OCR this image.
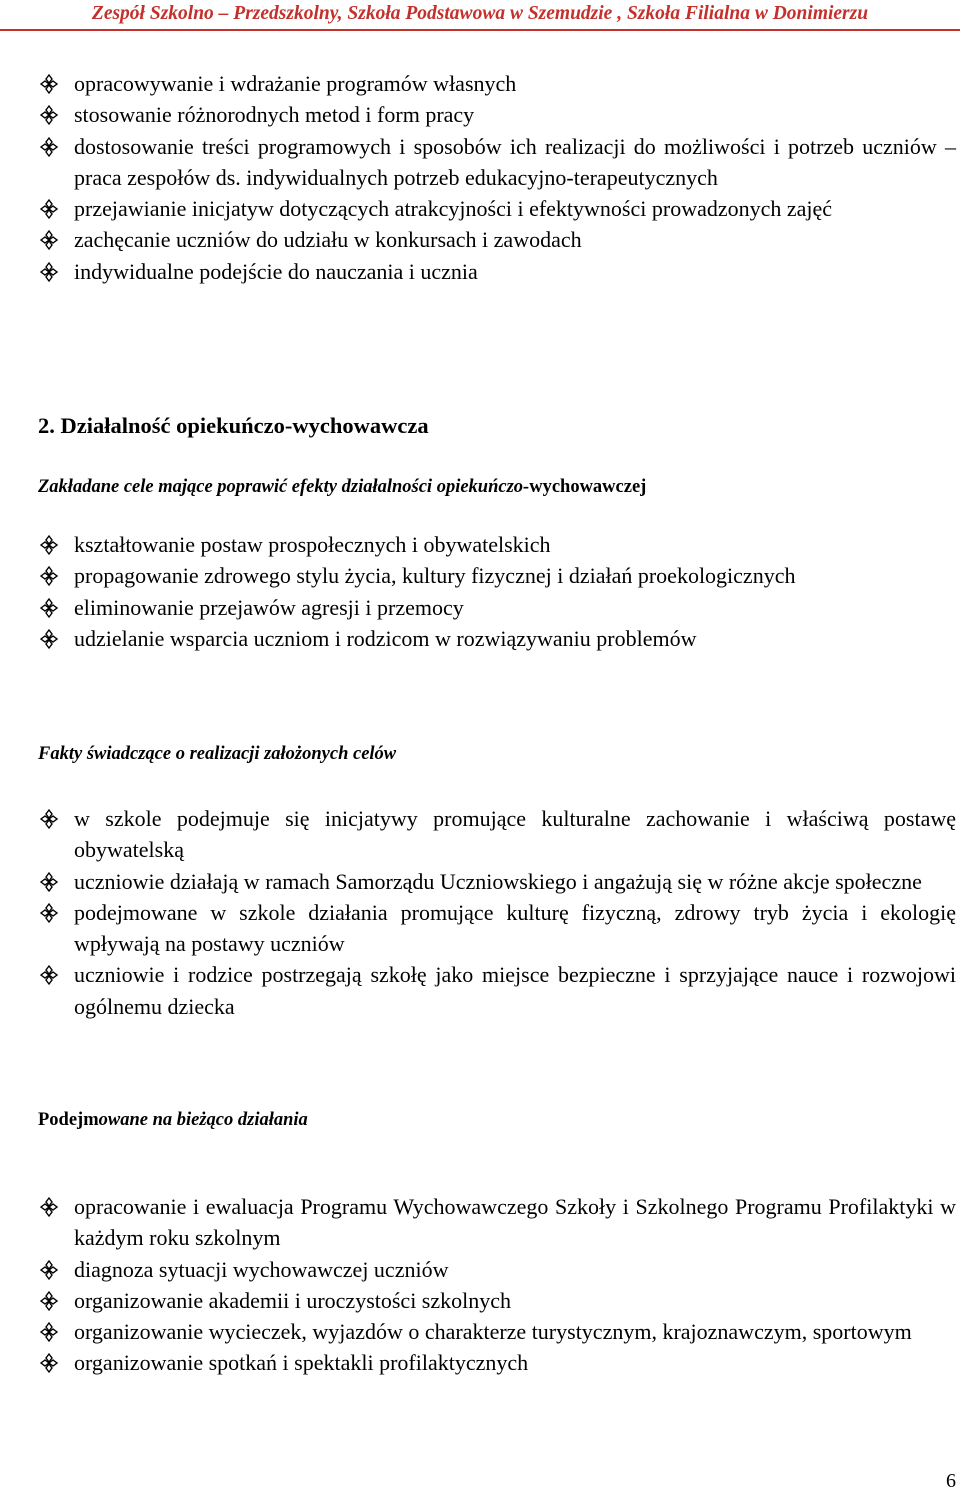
Zespół Szkolno – Przedszkolny, Szkoła Podstawowa w Szemudzie , Szkoła Filialna w Donimierzu
opracowywanie i wdrażanie programów własnych
stosowanie różnorodnych metod i form pracy
dostosowanie treści programowych i sposobów ich realizacji do możliwości i potrzeb uczniów – praca zespołów ds. indywidualnych potrzeb edukacyjno-terapeutycznych
przejawianie inicjatyw dotyczących atrakcyjności i efektywności prowadzonych zajęć
zachęcanie uczniów do udziału w konkursach i zawodach
indywidualne podejście do nauczania i ucznia
2. Działalność opiekuńczo-wychowawcza
Zakładane cele mające poprawić efekty działalności opiekuńczo-wychowawczej
kształtowanie postaw prospołecznych i obywatelskich
propagowanie zdrowego stylu życia, kultury fizycznej i działań proekologicznych
eliminowanie przejawów agresji i przemocy
udzielanie wsparcia uczniom i rodzicom w rozwiązywaniu problemów
Fakty świadczące o realizacji założonych celów
w szkole podejmuje się inicjatywy promujące kulturalne zachowanie i właściwą postawę obywatelską
uczniowie działają w ramach Samorządu Uczniowskiego i angażują się w różne akcje społeczne
podejmowane w szkole działania promujące kulturę fizyczną, zdrowy tryb życia i ekologię wpływają na postawy uczniów
uczniowie i rodzice postrzegają szkołę jako miejsce bezpieczne i sprzyjające nauce i rozwojowi ogólnemu dziecka
Podejmowane na bieżąco działania
opracowanie i ewaluacja Programu Wychowawczego Szkoły i Szkolnego Programu Profilaktyki w każdym roku szkolnym
diagnoza sytuacji wychowawczej uczniów
organizowanie akademii i uroczystości szkolnych
organizowanie wycieczek, wyjazdów o charakterze turystycznym, krajoznawczym, sportowym
organizowanie spotkań i spektakli profilaktycznych
6
